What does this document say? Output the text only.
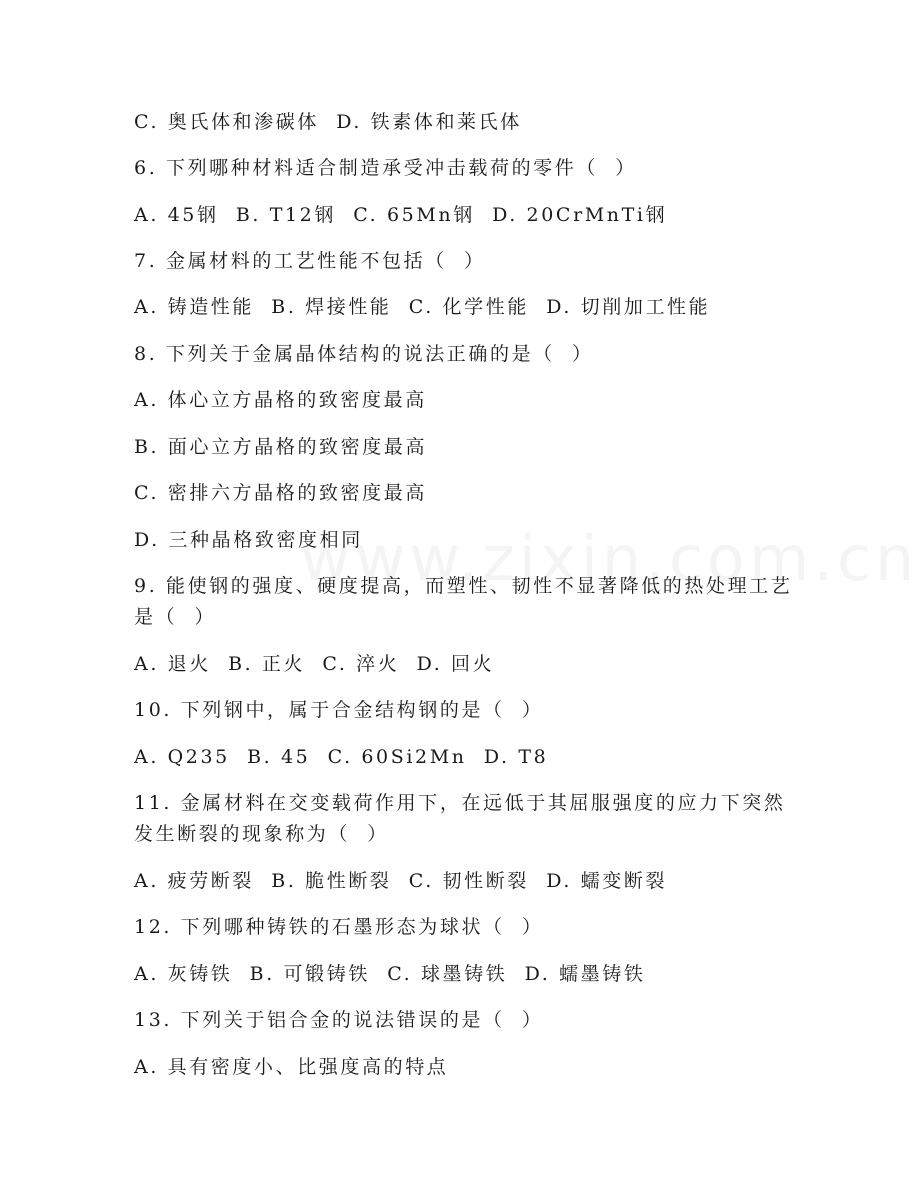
C. 奥氏体和渗碳体  D. 铁素体和莱氏体
6. 下列哪种材料适合制造承受冲击载荷的零件（  ）
A. 45钢  B. T12钢  C. 65Mn钢  D. 20CrMnTi钢
7. 金属材料的工艺性能不包括（  ）
A. 铸造性能  B. 焊接性能  C. 化学性能  D. 切削加工性能
8. 下列关于金属晶体结构的说法正确的是（  ）
A. 体心立方晶格的致密度最高
B. 面心立方晶格的致密度最高
C. 密排六方晶格的致密度最高
D. 三种晶格致密度相同
9. 能使钢的强度、硬度提高，而塑性、韧性不显著降低的热处理工艺
是（  ）
A. 退火  B. 正火  C. 淬火  D. 回火
10. 下列钢中，属于合金结构钢的是（  ）
A. Q235  B. 45  C. 60Si2Mn  D. T8
11. 金属材料在交变载荷作用下，在远低于其屈服强度的应力下突然
发生断裂的现象称为（  ）
A. 疲劳断裂  B. 脆性断裂  C. 韧性断裂  D. 蠕变断裂
12. 下列哪种铸铁的石墨形态为球状（  ）
A. 灰铸铁  B. 可锻铸铁  C. 球墨铸铁  D. 蠕墨铸铁
13. 下列关于铝合金的说法错误的是（  ）
A. 具有密度小、比强度高的特点
